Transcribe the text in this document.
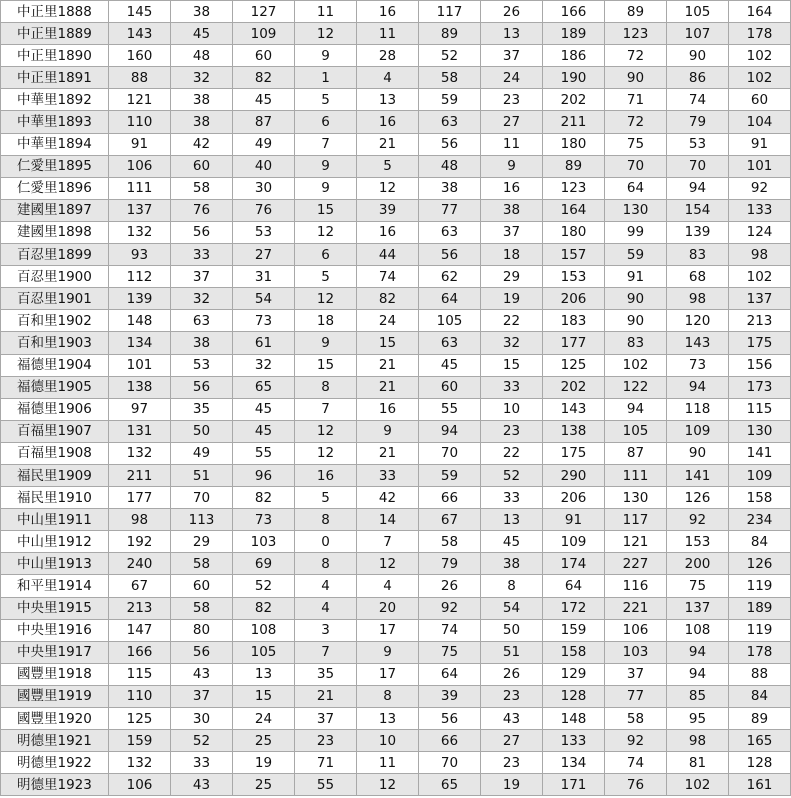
中正里1888	145	38	127	11	16	117	26	166	89	105	164
中正里1889	143	45	109	12	11	89	13	189	123	107	178
中正里1890	160	48	60	9	28	52	37	186	72	90	102
中正里1891	88	32	82	1	4	58	24	190	90	86	102
中華里1892	121	38	45	5	13	59	23	202	71	74	60
中華里1893	110	38	87	6	16	63	27	211	72	79	104
中華里1894	91	42	49	7	21	56	11	180	75	53	91
仁愛里1895	106	60	40	9	5	48	9	89	70	70	101
仁愛里1896	111	58	30	9	12	38	16	123	64	94	92
建國里1897	137	76	76	15	39	77	38	164	130	154	133
建國里1898	132	56	53	12	16	63	37	180	99	139	124
百忍里1899	93	33	27	6	44	56	18	157	59	83	98
百忍里1900	112	37	31	5	74	62	29	153	91	68	102
百忍里1901	139	32	54	12	82	64	19	206	90	98	137
百和里1902	148	63	73	18	24	105	22	183	90	120	213
百和里1903	134	38	61	9	15	63	32	177	83	143	175
福德里1904	101	53	32	15	21	45	15	125	102	73	156
福德里1905	138	56	65	8	21	60	33	202	122	94	173
福德里1906	97	35	45	7	16	55	10	143	94	118	115
百福里1907	131	50	45	12	9	94	23	138	105	109	130
百福里1908	132	49	55	12	21	70	22	175	87	90	141
福民里1909	211	51	96	16	33	59	52	290	111	141	109
福民里1910	177	70	82	5	42	66	33	206	130	126	158
中山里1911	98	113	73	8	14	67	13	91	117	92	234
中山里1912	192	29	103	0	7	58	45	109	121	153	84
中山里1913	240	58	69	8	12	79	38	174	227	200	126
和平里1914	67	60	52	4	4	26	8	64	116	75	119
中央里1915	213	58	82	4	20	92	54	172	221	137	189
中央里1916	147	80	108	3	17	74	50	159	106	108	119
中央里1917	166	56	105	7	9	75	51	158	103	94	178
國豐里1918	115	43	13	35	17	64	26	129	37	94	88
國豐里1919	110	37	15	21	8	39	23	128	77	85	84
國豐里1920	125	30	24	37	13	56	43	148	58	95	89
明德里1921	159	52	25	23	10	66	27	133	92	98	165
明德里1922	132	33	19	71	11	70	23	134	74	81	128
明德里1923	106	43	25	55	12	65	19	171	76	102	161
